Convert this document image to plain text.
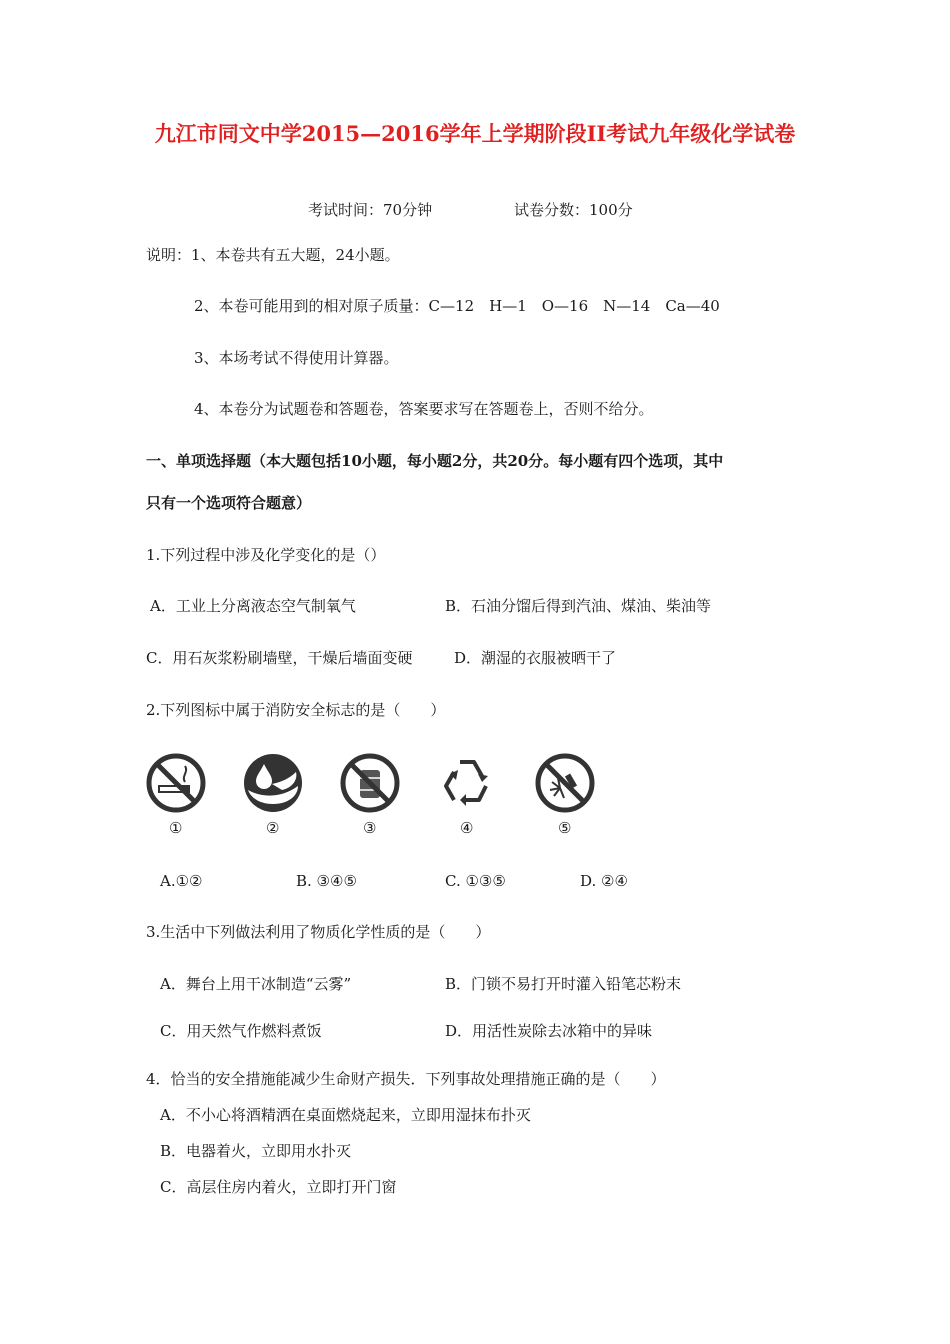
九江市同文中学2015—2016学年上学期阶段II考试九年级化学试卷
考试时间：70分钟	试卷分数：100分
说明：1、本卷共有五大题，24小题。
2、本卷可能用到的相对原子质量：C—12　H—1　O—16　N—14　Ca—40
3、本场考试不得使用计算器。
4、本卷分为试题卷和答题卷，答案要求写在答题卷上，否则不给分。
一、单项选择题（本大题包括10小题，每小题2分，共20分。每小题有四个选项，其中
只有一个选项符合题意）
1.下列过程中涉及化学变化的是（）
A．工业上分离液态空气制氧气	B．石油分馏后得到汽油、煤油、柴油等
C．用石灰浆粉刷墙壁，干燥后墙面变硬	D．潮湿的衣服被晒干了
2.下列图标中属于消防安全标志的是（　　）
①	②	③	④	⑤
A.①②	B. ③④⑤	C. ①③⑤	D. ②④
3.生活中下列做法利用了物质化学性质的是（　　）
A．舞台上用干冰制造“云雾”	B．门锁不易打开时灌入铅笔芯粉末
C．用天然气作燃料煮饭	D．用活性炭除去冰箱中的异味
4．恰当的安全措施能减少生命财产损失．下列事故处理措施正确的是（　　）
A．不小心将酒精洒在桌面燃烧起来，立即用湿抹布扑灭
B．电器着火，立即用水扑灭
C．高层住房内着火，立即打开门窗
